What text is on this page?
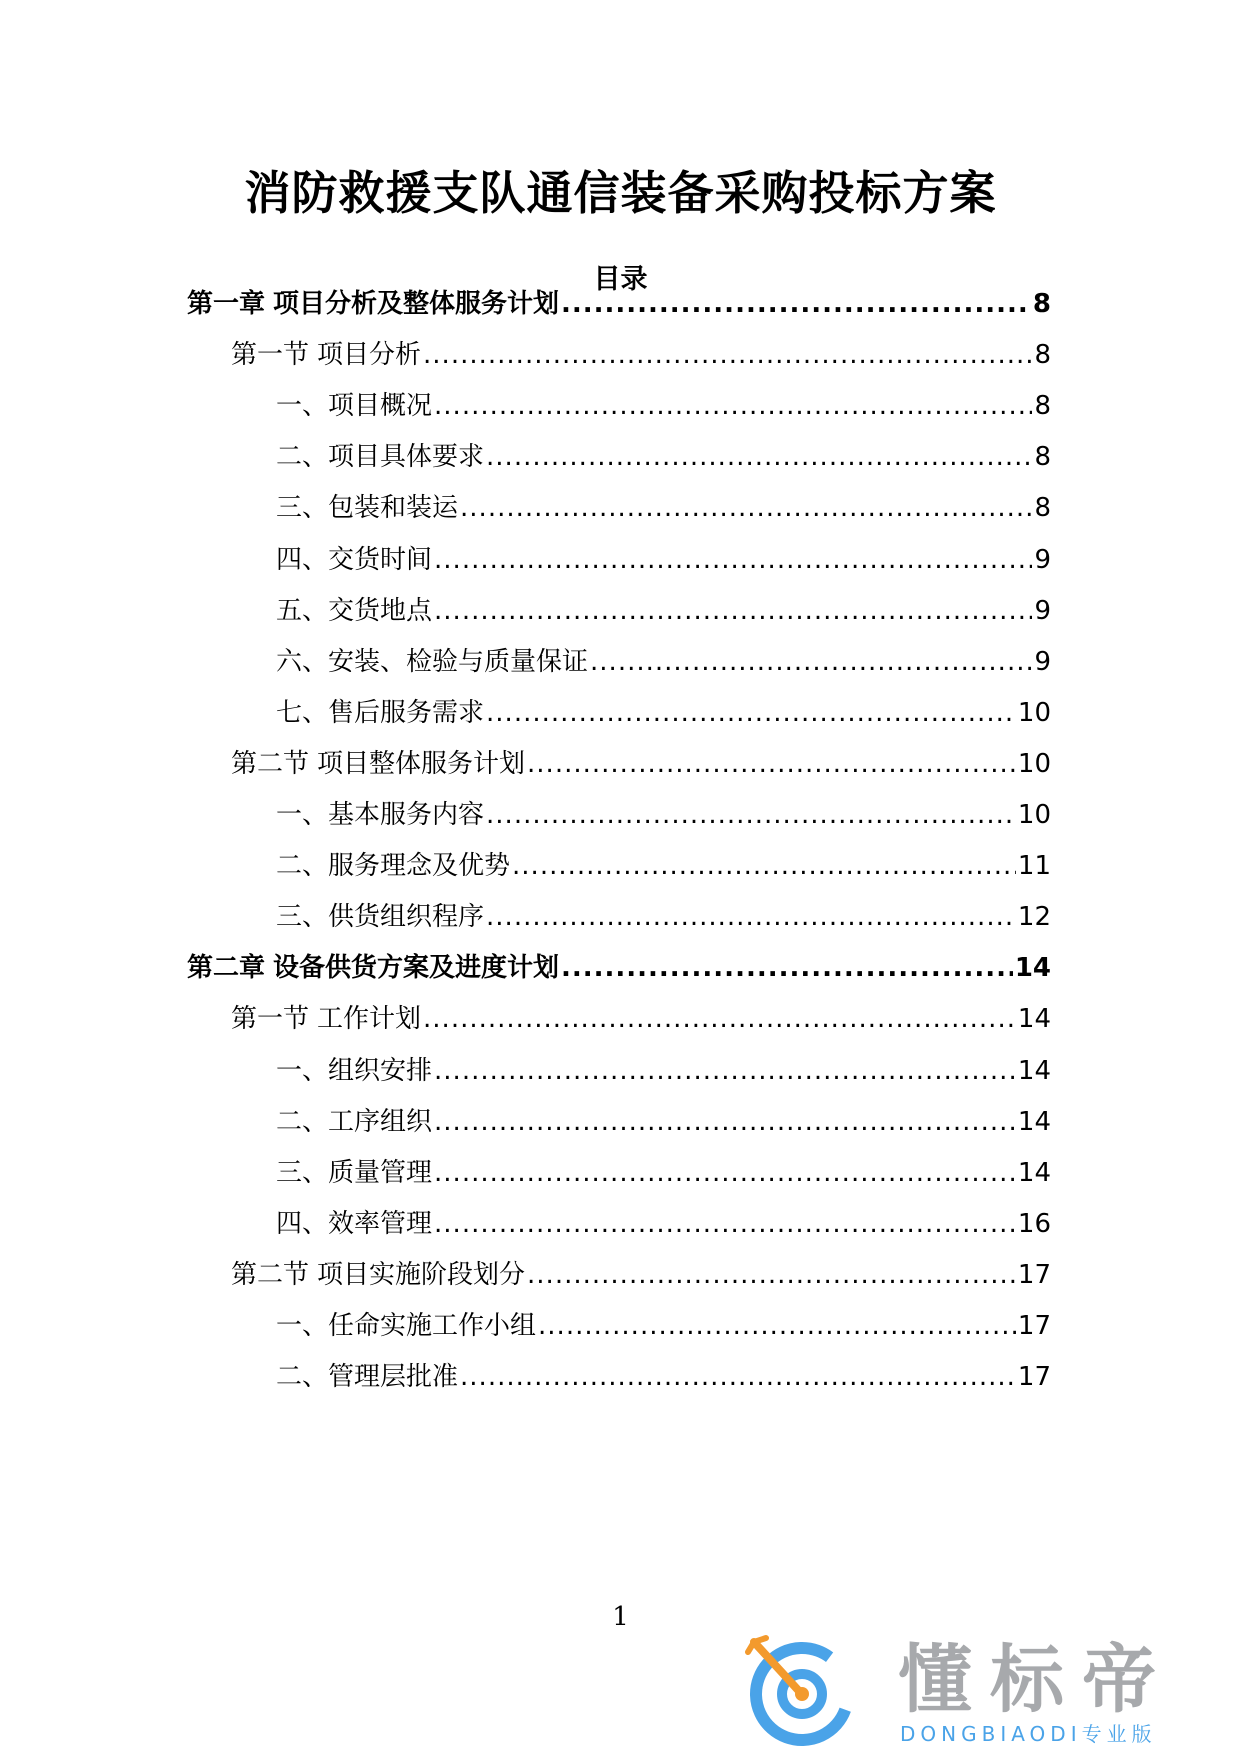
消防救援支队通信装备采购投标方案
目录
第一章 项目分析及整体服务计划 .....	8
第一节 项目分析 .....	8
一、项目概况 .....	8
二、项目具体要求 .....	8
三、包装和装运 .....	8
四、交货时间 .....	9
五、交货地点 .....	9
六、安装、检验与质量保证 .....	9
七、售后服务需求 .....	10
第二节 项目整体服务计划 .....	10
一、基本服务内容 .....	10
二、服务理念及优势 .....	11
三、供货组织程序 .....	12
第二章 设备供货方案及进度计划 .....	14
第一节 工作计划 .....	14
一、组织安排 .....	14
二、工序组织 .....	14
三、质量管理 .....	14
四、效率管理 .....	16
第二节 项目实施阶段划分 .....	17
一、任命实施工作小组 .....	17
二、管理层批准 .....	17
1
懂标帝
DONGBIAODI专业版
